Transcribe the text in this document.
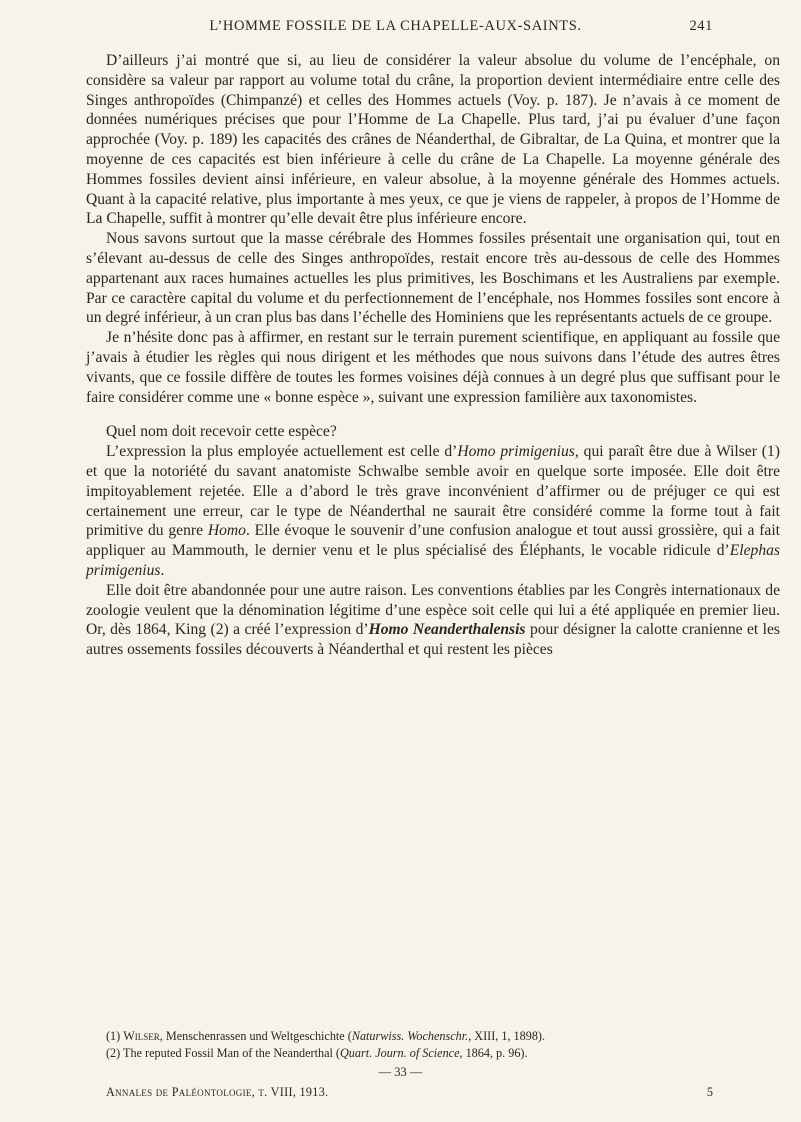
L’HOMME FOSSILE DE LA CHAPELLE-AUX-SAINTS.	241

D’ailleurs j’ai montré que si, au lieu de considérer la valeur absolue du volume de l’encéphale, on considère sa valeur par rapport au volume total du crâne, la proportion devient intermédiaire entre celle des Singes anthropoïdes (Chimpanzé) et celles des Hommes actuels (Voy. p. 187). Je n’avais à ce moment de données numériques précises que pour l’Homme de La Chapelle. Plus tard, j’ai pu évaluer d’une façon approchée (Voy. p. 189) les capacités des crânes de Néanderthal, de Gibraltar, de La Quina, et montrer que la moyenne de ces capacités est bien inférieure à celle du crâne de La Chapelle. La moyenne générale des Hommes fossiles devient ainsi inférieure, en valeur absolue, à la moyenne générale des Hommes actuels. Quant à la capacité relative, plus importante à mes yeux, ce que je viens de rappeler, à propos de l’Homme de La Chapelle, suffit à montrer qu’elle devait être plus inférieure encore.

Nous savons surtout que la masse cérébrale des Hommes fossiles présentait une organisation qui, tout en s’élevant au-dessus de celle des Singes anthropoïdes, restait encore très au-dessous de celle des Hommes appartenant aux races humaines actuelles les plus primitives, les Boschimans et les Australiens par exemple. Par ce caractère capital du volume et du perfectionnement de l’encéphale, nos Hommes fossiles sont encore à un degré inférieur, à un cran plus bas dans l’échelle des Hominiens que les représentants actuels de ce groupe.

Je n’hésite donc pas à affirmer, en restant sur le terrain purement scientifique, en appliquant au fossile que j’avais à étudier les règles qui nous dirigent et les méthodes que nous suivons dans l’étude des autres êtres vivants, que ce fossile diffère de toutes les formes voisines déjà connues à un degré plus que suffisant pour le faire considérer comme une « bonne espèce », suivant une expression familière aux taxonomistes.

Quel nom doit recevoir cette espèce?

L’expression la plus employée actuellement est celle d’Homo primigenius, qui paraît être due à Wilser (1) et que la notoriété du savant anatomiste Schwalbe semble avoir en quelque sorte imposée. Elle doit être impitoyablement rejetée. Elle a d’abord le très grave inconvénient d’affirmer ou de préjuger ce qui est certainement une erreur, car le type de Néanderthal ne saurait être considéré comme la forme tout à fait primitive du genre Homo. Elle évoque le souvenir d’une confusion analogue et tout aussi grossière, qui a fait appliquer au Mammouth, le dernier venu et le plus spécialisé des Éléphants, le vocable ridicule d’Elephas primigenius.

Elle doit être abandonnée pour une autre raison. Les conventions établies par les Congrès internationaux de zoologie veulent que la dénomination légitime d’une espèce soit celle qui lui a été appliquée en premier lieu. Or, dès 1864, King (2) a créé l’expression d’Homo Neanderthalensis pour désigner la calotte cranienne et les autres ossements fossiles découverts à Néanderthal et qui restent les pièces

(1) Wilser, Menschenrassen und Weltgeschichte (Naturwiss. Wochenschr., XIII, 1, 1898).
(2) The reputed Fossil Man of the Neanderthal (Quart. Journ. of Science, 1864, p. 96).
— 33 —
Annales de Paléontologie, t. VIII, 1913.	5
